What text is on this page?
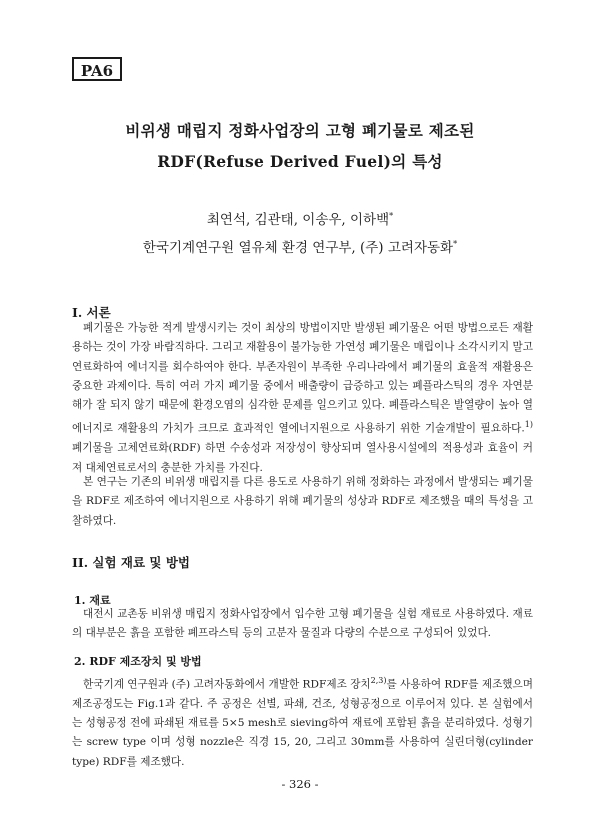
PA6
비위생 매립지 정화사업장의 고형 폐기물로 제조된
RDF(Refuse Derived Fuel)의 특성
최연석, 김관태, 이송우, 이하백*
한국기계연구원 열유체 환경 연구부, (주) 고려자동화*
I. 서론

폐기물은 가능한 적게 발생시키는 것이 최상의 방법이지만 발생된 폐기물은 어떤 방법으로든 재활용하는 것이 가장 바람직하다. 그리고 재활용이 불가능한 가연성 폐기물은 매립이나 소각시키지 말고 연료화하여 에너지를 회수하여야 한다. 부존자원이 부족한 우리나라에서 폐기물의 효율적 재활용은 중요한 과제이다. 특히 여러 가지 폐기물 중에서 배출량이 급증하고 있는 폐플라스틱의 경우 자연분해가 잘 되지 않기 때문에 환경오염의 심각한 문제를 일으키고 있다. 폐플라스틱은 발열량이 높아 열에너지로 재활용의 가치가 크므로 효과적인 열에너지원으로 사용하기 위한 기술개발이 필요하다.$^{1)}$ 폐기물을 고체연료화(RDF) 하면 수송성과 저장성이 향상되며 열사용시설에의 적용성과 효율이 커져 대체연료로서의 충분한 가치를 가진다.

본 연구는 기존의 비위생 매립지를 다른 용도로 사용하기 위해 정화하는 과정에서 발생되는 폐기물을 RDF로 제조하여 에너지원으로 사용하기 위해 폐기물의 성상과 RDF로 제조했을 때의 특성을 고찰하였다.

II. 실험 재료 및 방법
1. 재료

대전시 교촌동 비위생 매립지 정화사업장에서 입수한 고형 폐기물을 실험 재료로 사용하였다. 재료의 대부분은 흙을 포함한 폐프라스틱 등의 고분자 물질과 다량의 수분으로 구성되어 있었다.

2. RDF 제조장치 및 방법

한국기계 연구원과 (주) 고려자동화에서 개발한 RDF제조 장치$^{2,3)}$를 사용하여 RDF를 제조했으며 제조공정도는 Fig.1과 같다. 주 공정은 선별, 파쇄, 건조, 성형공정으로 이루어져 있다. 본 실험에서는 성형공정 전에 파쇄된 재료를 5×5 mesh로 sieving하여 재료에 포함된 흙을 분리하였다. 성형기는 screw type 이며 성형 nozzle은 직경 15, 20, 그리고 30mm를 사용하여 실린더형(cylinder type) RDF를 제조했다.

- 326 -
